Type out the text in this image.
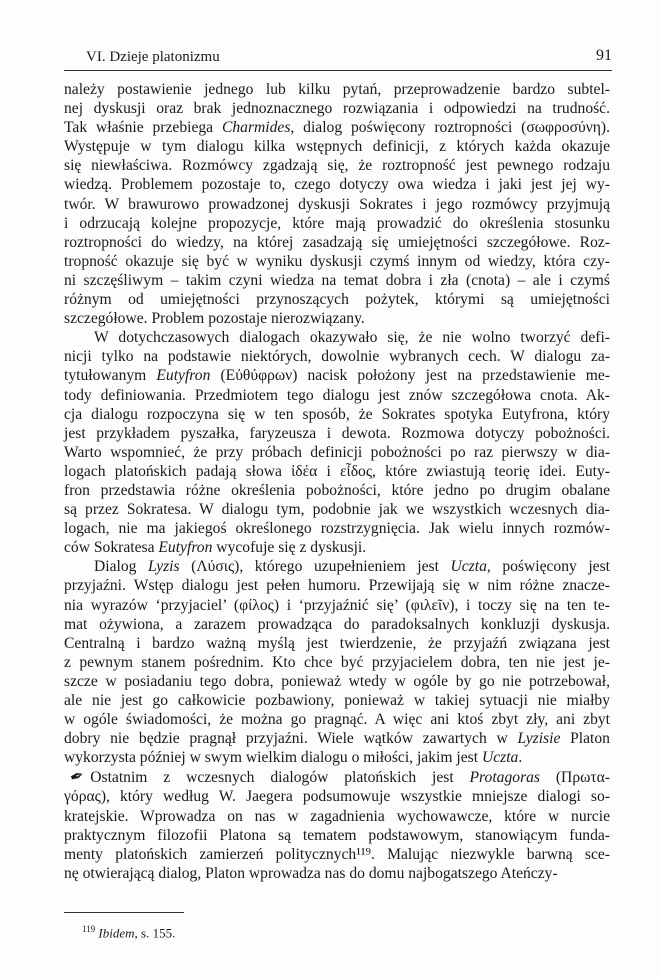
VI. Dzieje platonizmu	91

należy postawienie jednego lub kilku pytań, przeprowadzenie bardzo subtel-
nej dyskusji oraz brak jednoznacznego rozwiązania i odpowiedzi na trudność.
Tak właśnie przebiega Charmides, dialog poświęcony roztropności (σωφροσύνη).
Występuje w tym dialogu kilka wstępnych definicji, z których każda okazuje
się niewłaściwa. Rozmówcy zgadzają się, że roztropność jest pewnego rodzaju
wiedzą. Problemem pozostaje to, czego dotyczy owa wiedza i jaki jest jej wy-
twór. W brawurowo prowadzonej dyskusji Sokrates i jego rozmówcy przyjmują
i odrzucają kolejne propozycje, które mają prowadzić do określenia stosunku
roztropności do wiedzy, na której zasadzają się umiejętności szczegółowe. Roz-
tropność okazuje się być w wyniku dyskusji czymś innym od wiedzy, która czy-
ni szczęśliwym – takim czyni wiedza na temat dobra i zła (cnota) – ale i czymś
różnym od umiejętności przynoszących pożytek, którymi są umiejętności
szczegółowe. Problem pozostaje nierozwiązany.

W dotychczasowych dialogach okazywało się, że nie wolno tworzyć defi-
nicji tylko na podstawie niektórych, dowolnie wybranych cech. W dialogu za-
tytułowanym Eutyfron (Εὐθύφρων) nacisk położony jest na przedstawienie me-
tody definiowania. Przedmiotem tego dialogu jest znów szczegółowa cnota. Ak-
cja dialogu rozpoczyna się w ten sposób, że Sokrates spotyka Eutyfrona, który
jest przykładem pyszałka, faryzeusza i dewota. Rozmowa dotyczy pobożności.
Warto wspomnieć, że przy próbach definicji pobożności po raz pierwszy w dia-
logach platońskich padają słowa ἰδέα i εἶδος, które zwiastują teorię idei. Euty-
fron przedstawia różne określenia pobożności, które jedno po drugim obalane
są przez Sokratesa. W dialogu tym, podobnie jak we wszystkich wczesnych dia-
logach, nie ma jakiegoś określonego rozstrzygnięcia. Jak wielu innych rozmów-
ców Sokratesa Eutyfron wycofuje się z dyskusji.

Dialog Lyzis (Λύσις), którego uzupełnieniem jest Uczta, poświęcony jest
przyjaźni. Wstęp dialogu jest pełen humoru. Przewijają się w nim różne znacze-
nia wyrazów ‘przyjaciel’ (φίλος) i ‘przyjaźnić się’ (φιλεῖν), i toczy się na ten te-
mat ożywiona, a zarazem prowadząca do paradoksalnych konkluzji dyskusja.
Centralną i bardzo ważną myślą jest twierdzenie, że przyjaźń związana jest
z pewnym stanem pośrednim. Kto chce być przyjacielem dobra, ten nie jest je-
szcze w posiadaniu tego dobra, ponieważ wtedy w ogóle by go nie potrzebował,
ale nie jest go całkowicie pozbawiony, ponieważ w takiej sytuacji nie miałby
w ogóle świadomości, że można go pragnąć. A więc ani ktoś zbyt zły, ani zbyt
dobry nie będzie pragnął przyjaźni. Wiele wątków zawartych w Lyzisie Platon
wykorzysta później w swym wielkim dialogu o miłości, jakim jest Uczta.

✒ Ostatnim z wczesnych dialogów platońskich jest Protagoras (Πρωτα-
γόρας), który według W. Jaegera podsumowuje wszystkie mniejsze dialogi so-
kratejskie. Wprowadza on nas w zagadnienia wychowawcze, które w nurcie
praktycznym filozofii Platona są tematem podstawowym, stanowiącym funda-
menty platońskich zamierzeń politycznych¹¹⁹. Malując niezwykle barwną sce-
nę otwierającą dialog, Platon wprowadza nas do domu najbogatszego Ateńczy-

$^{119}$ Ibidem, s. 155.
